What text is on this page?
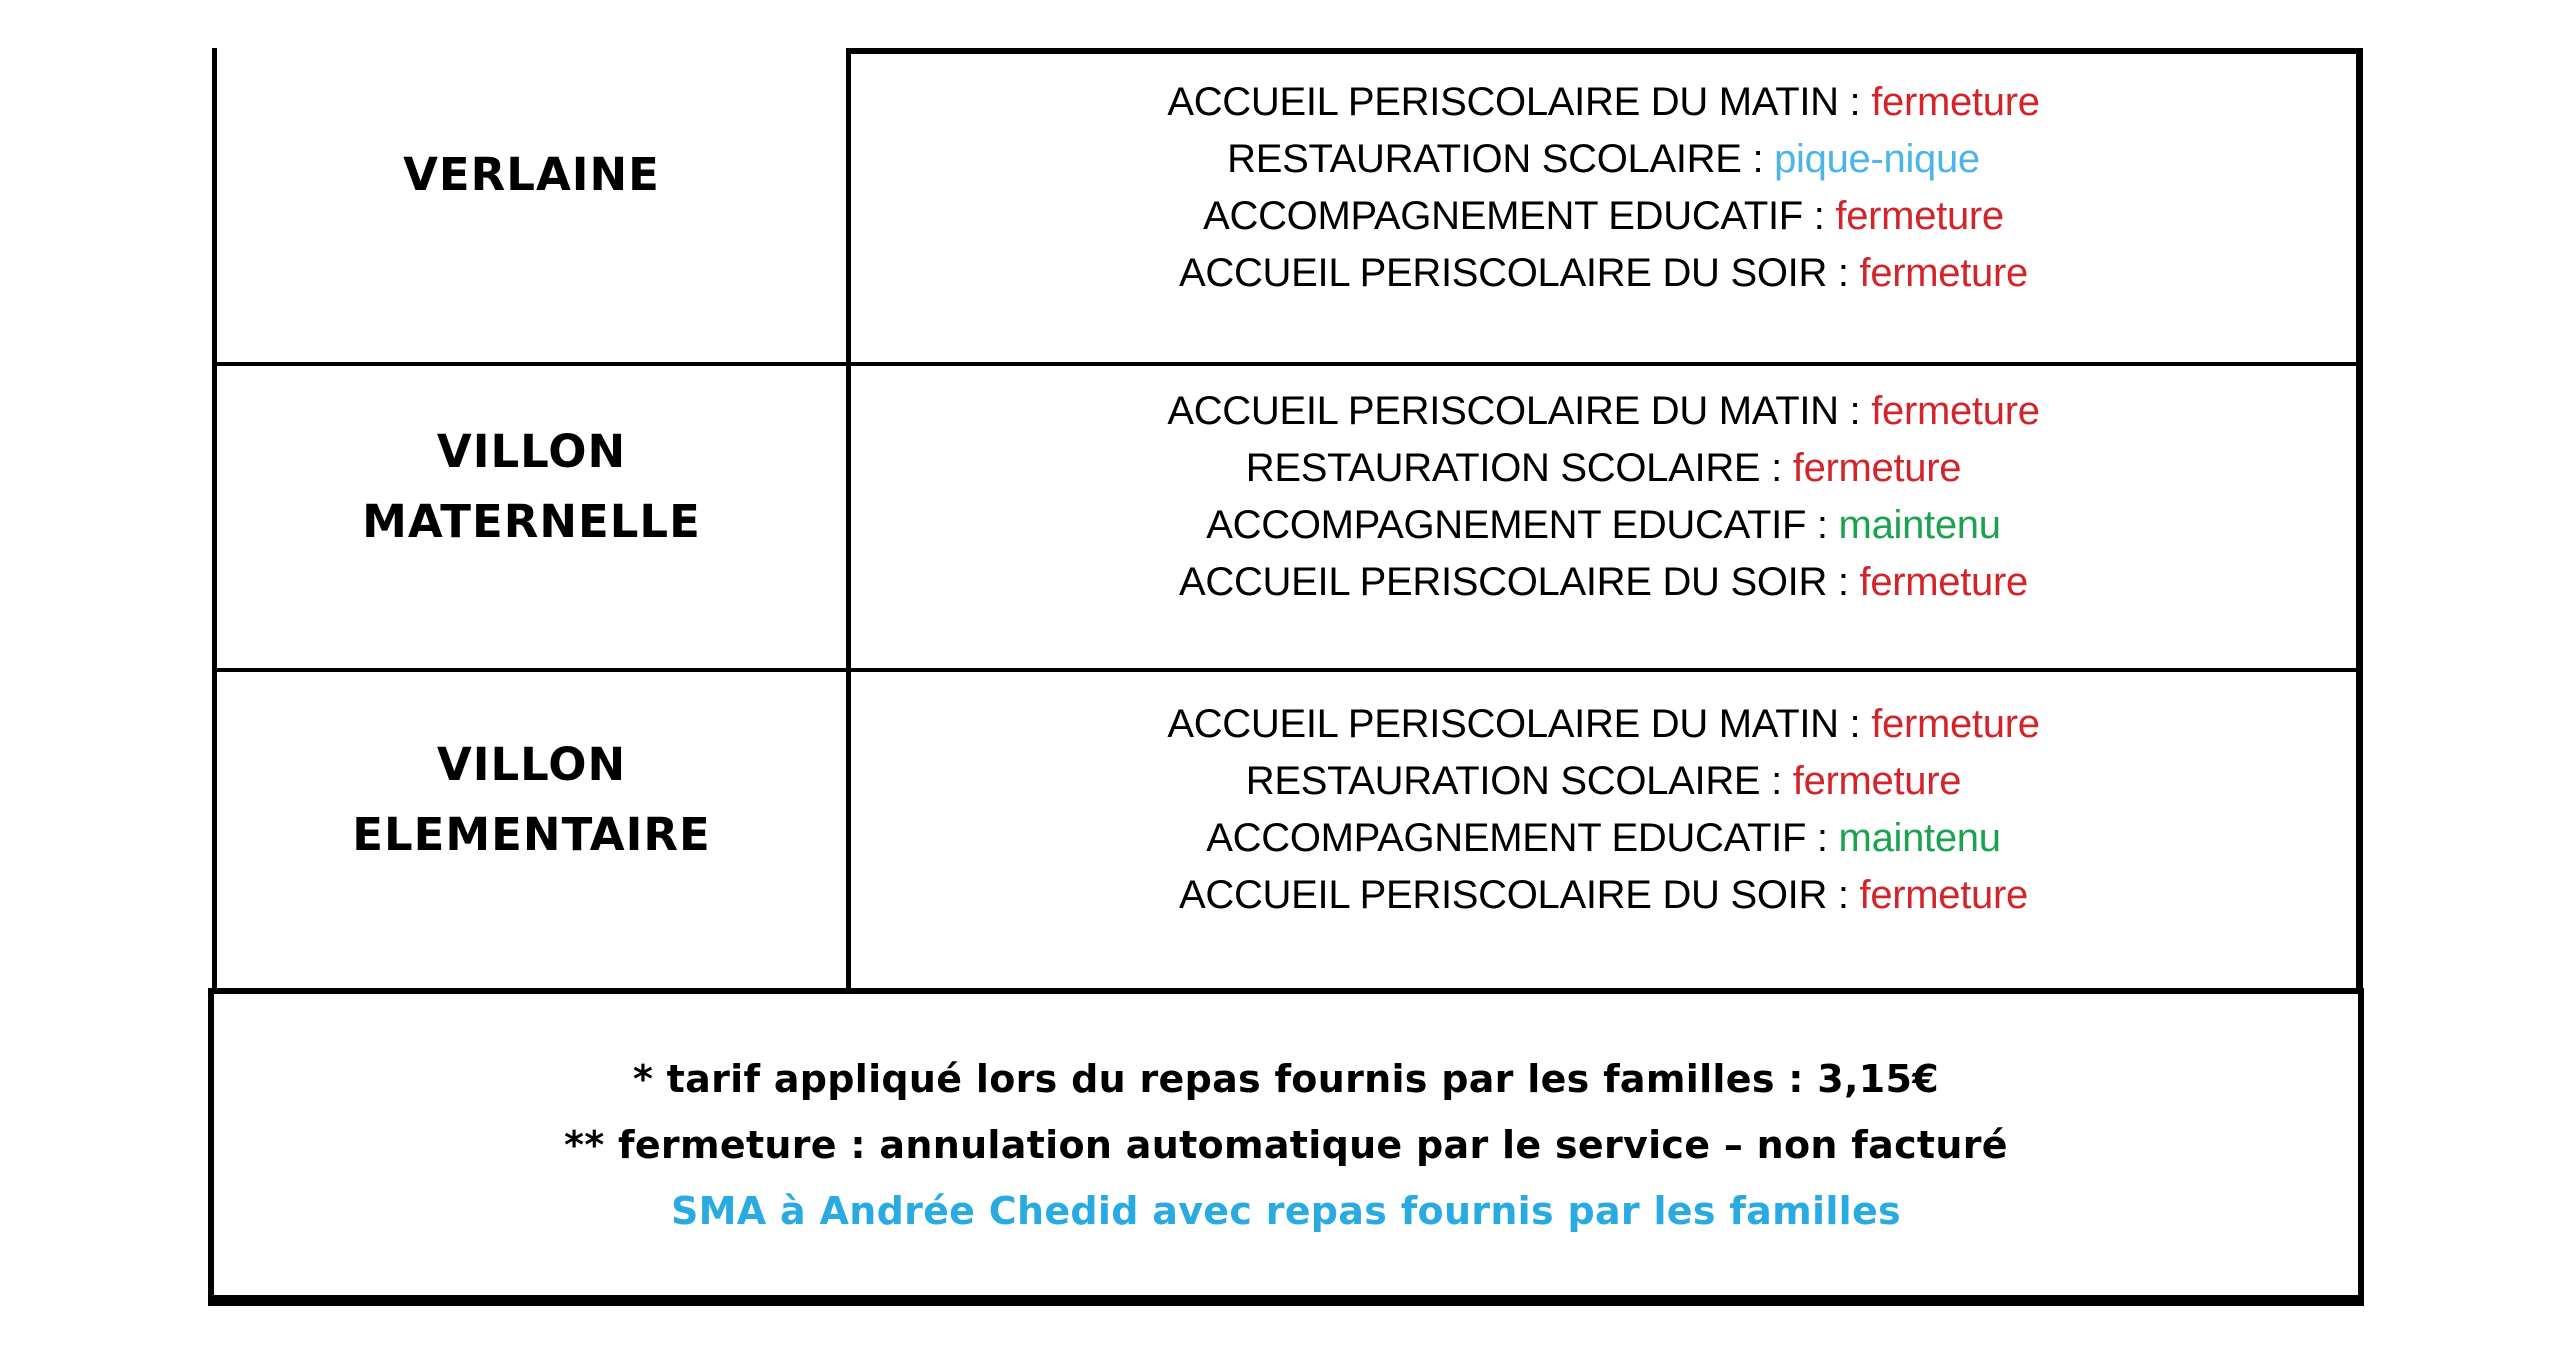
VERLAINE
ACCUEIL PERISCOLAIRE DU MATIN : fermeture
RESTAURATION SCOLAIRE : pique-nique
ACCOMPAGNEMENT EDUCATIF : fermeture
ACCUEIL PERISCOLAIRE DU SOIR : fermeture
VILLON
MATERNELLE
ACCUEIL PERISCOLAIRE DU MATIN : fermeture
RESTAURATION SCOLAIRE : fermeture
ACCOMPAGNEMENT EDUCATIF : maintenu
ACCUEIL PERISCOLAIRE DU SOIR : fermeture
VILLON
ELEMENTAIRE
ACCUEIL PERISCOLAIRE DU MATIN : fermeture
RESTAURATION SCOLAIRE : fermeture
ACCOMPAGNEMENT EDUCATIF : maintenu
ACCUEIL PERISCOLAIRE DU SOIR : fermeture
* tarif appliqué lors du repas fournis par les familles : 3,15€
** fermeture : annulation automatique par le service – non facturé
SMA à Andrée Chedid avec repas fournis par les familles
